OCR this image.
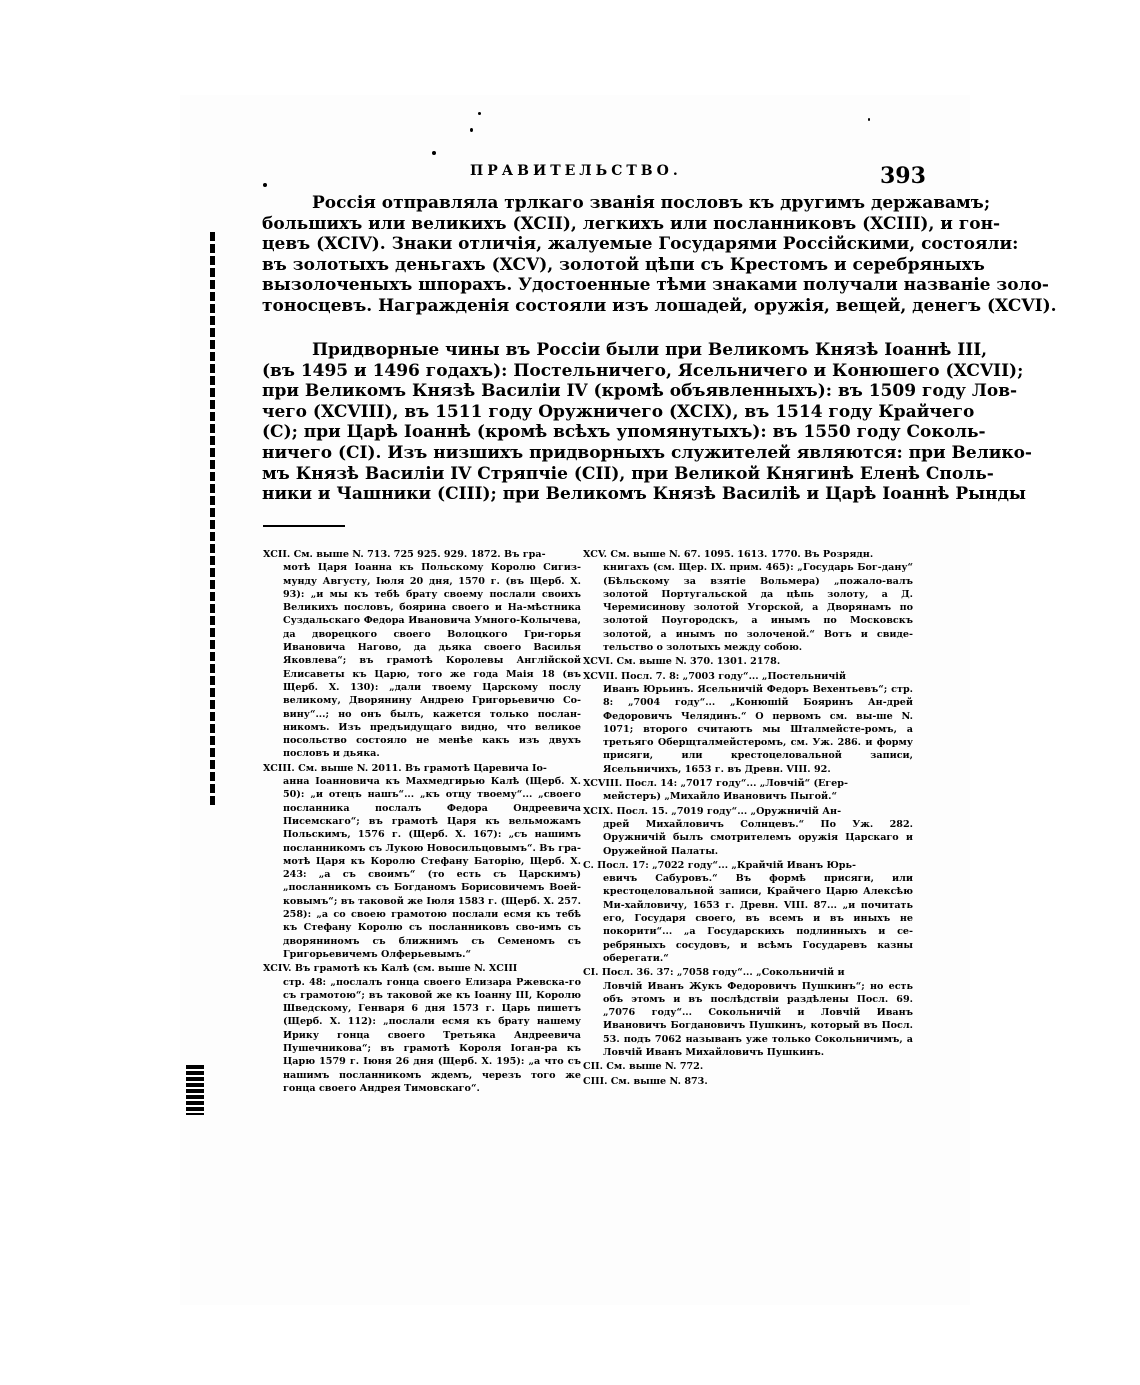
ПРАВИТЕЛЬСТВО.	393
Россія отправляла трлкаго званія пословъ къ другимъ державамъ;
большихъ или великихъ (XCII), легкихъ или посланниковъ (XCIII), и гон-
цевъ (XCIV). Знаки отличія, жалуемые Государями Россійскими, состояли:
въ золотыхъ деньгахъ (XCV), золотой цѣпи съ Крестомъ и серебряныхъ
вызолоченыхъ шпорахъ. Удостоенные тѣми знаками получали названіе золо-
тоносцевъ. Награжденія состояли изъ лошадей, оружія, вещей, денегъ (XCVI).
Придворные чины въ Россіи были при Великомъ Князѣ Іоаннѣ III,
(въ 1495 и 1496 годахъ): Постельничего, Ясельничего и Конюшего (XCVII);
при Великомъ Князѣ Василіи IV (кромѣ объявленныхъ): въ 1509 году Лов-
чего (XCVIII), въ 1511 году Оружничего (XCIX), въ 1514 году Крайчего
(C); при Царѣ Іоаннѣ (кромѣ всѣхъ упомянутыхъ): въ 1550 году Соколь-
ничего (CI). Изъ низшихъ придворныхъ служителей являются: при Велико-
мъ Князѣ Василіи IV Стряпчіе (CII), при Великой Княгинѣ Еленѣ Споль-
ники и Чашники (CIII); при Великомъ Князѣ Василіѣ и Царѣ Іоаннѣ Рынды
XCII. См. выше N. 713. 725 925. 929. 1872. Въ гра-
мотѣ Царя Іоанна къ Польскому Королю Сигиз-мунду Августу, Іюля 20 дня, 1570 г. (въ Щерб. X. 93): „и мы къ тебѣ брату своему послали своихъ Великихъ пословъ, боярина своего и На-мѣстника Суздальскаго Федора Ивановича Умного-Колычева, да дворецкого своего Волоцкого Гри-горья Ивановича Нагово, да дьяка своего Василья Яковлева“; въ грамотѣ Королевы Англійской Елисаветы къ Царю, того же года Маія 18 (въ Щерб. X. 130): „дали твоему Царскому послу великому, Дворянину Андрею Григорьевичю Со-вину“...; но онъ былъ, кажется только послан-никомъ. Изъ предъидущаго видно, что великое посольство состояло не менѣе какъ изъ двухъ пословъ и дьяка.
XCIII. См. выше N. 2011. Въ грамотѣ Царевича Іо-
анна Іоанновича къ Махмедгирью Калѣ (Щерб. X. 50): „и отецъ нашъ“... „къ отцу твоему“... „своего посланника послалъ Федора Ондреевича Писемскаго“; въ грамотѣ Царя къ вельможамъ Польскимъ, 1576 г. (Щерб. X. 167): „съ нашимъ посланникомъ съ Лукою Новосильцовымъ“. Въ гра-мотѣ Царя къ Королю Стефану Баторію, Щерб. X. 243: „а съ своимъ“ (то есть съ Царскимъ) „посланникомъ съ Богданомъ Борисовичемъ Воей-ковымъ“; въ таковой же Іюля 1583 г. (Щерб. X. 257. 258): „а со своею грамотою послали есмя къ тебѣ къ Стефану Королю съ посланниковъ сво-имъ съ дворяниномъ съ ближнимъ съ Семеномъ съ Григорьевичемъ Олферьевымъ.“
XCIV. Въ грамотѣ къ Калѣ (см. выше N. XCIII
стр. 48: „послалъ гонца своего Елизара Ржевска-го съ грамотою“; въ таковой же къ Іоанну III, Королю Шведскому, Генваря 6 дня 1573 г. Царь пишетъ (Щерб. X. 112): „послали есмя къ брату нашему Ирику гонца своего Третьяка Андреевича Пушечникова“; въ грамотѣ Короля Іоган-ра къ Царю 1579 г. Іюня 26 дня (Щерб. X. 195): „а что съ нашимъ посланникомъ ждемъ, черезъ того же гонца своего Андрея Тимовскаго“.
XCV. См. выше N. 67. 1095. 1613. 1770. Въ Розрядн.
книгахъ (см. Щер. IX. прим. 465): „Государь Бог-дану“ (Бѣльскому за взятіе Вольмера) „пожало-валъ золотой Португальской да цѣпь золоту, а Д. Черемисинову золотой Угорской, а Дворянамъ по золотой Поугородскъ, а инымъ по Московскъ золотой, а инымъ по золоченой.“ Вотъ и свиде-тельство о золотыхъ между собою.
XCVI. См. выше N. 370. 1301. 2178.
XCVII. Посл. 7. 8: „7003 году“... „Постельничій
Иванъ Юрьинъ. Ясельничій Федоръ Вехентьевъ“; стр. 8: „7004 году“... „Конюшій Бояринъ Ан-дрей Федоровичъ Челядинъ.“ О первомъ см. вы-ше N. 1071; второго считаютъ мы Шталмейсте-ромъ, а третьяго Оберщталмейстеромъ, см. Уж. 286. и форму присяги, или крестоцеловальной записи, Ясельничихъ, 1653 г. въ Древн. VIII. 92.
XCVIII. Посл. 14: „7017 году“... „Ловчій“ (Егер-
мейстеръ) „Михайло Ивановичъ Пыгой.“
XCIX. Посл. 15. „7019 году“... „Оружничій Ан-
дрей Михайловичъ Солнцевъ.“ По Уж. 282. Оружничій былъ смотрителемъ оружія Царскаго и Оружейной Палаты.
C. Посл. 17: „7022 году“... „Крайчій Иванъ Юрь-
евичъ Сабуровъ.“ Въ формѣ присяги, или крестоцеловальной записи, Крайчего Царю Алексѣю Ми-хайловичу, 1653 г. Древн. VIII. 87... „и почитать его, Государя своего, въ всемъ и въ иныхъ не покорити“... „а Государскихъ подлинныхъ и се-ребряныхъ сосудовъ, и всѣмъ Государевъ казны оберегати.“
CI. Посл. 36. 37: „7058 году“... „Сокольничій и
Ловчій Иванъ Жукъ Федоровичъ Пушкинъ“; но есть объ этомъ и въ послѣдствіи раздѣлены Посл. 69. „7076 году“... Сокольничій и Ловчій Иванъ Ивановичъ Богдановичъ Пушкинъ, который въ Посл. 53. подъ 7062 называнъ уже только Сокольничимъ, а Ловчій Иванъ Михайловичъ Пушкинъ.
CII. См. выше N. 772.
CIII. См. выше N. 873.
